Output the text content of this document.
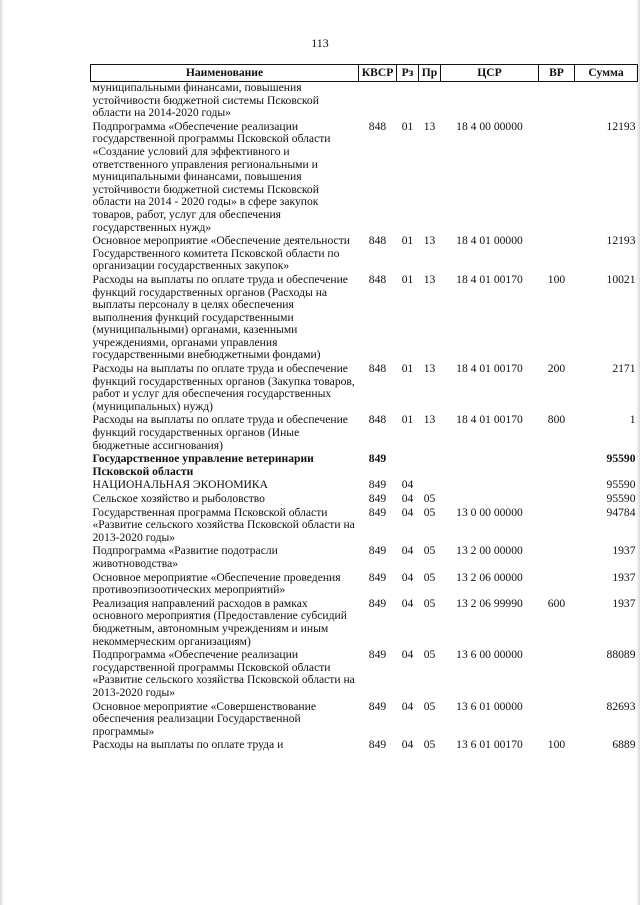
113
Наименование	КВСР	Рз	Пр	ЦСР	ВР	Сумма
муниципальными финансами, повышения устойчивости бюджетной системы Псковской области на 2014-2020 годы»						
Подпрограмма «Обеспечение реализации государственной программы Псковской области «Создание условий для эффективного и ответственного управления региональными и муниципальными финансами, повышения устойчивости бюджетной системы Псковской области на 2014 - 2020 годы» в сфере закупок товаров, работ, услуг для обеспечения государственных нужд»	848	01	13	18 4 00 00000		12193
Основное мероприятие «Обеспечение деятельности Государственного комитета Псковской области по организации государственных закупок»	848	01	13	18 4 01 00000		12193
Расходы на выплаты по оплате труда и обеспечение функций государственных органов (Расходы на выплаты персоналу в целях обеспечения выполнения функций государственными (муниципальными) органами, казенными учреждениями, органами управления государственными внебюджетными фондами)	848	01	13	18 4 01 00170	100	10021
Расходы на выплаты по оплате труда и обеспечение функций государственных органов (Закупка товаров, работ и услуг для обеспечения государственных (муниципальных) нужд)	848	01	13	18 4 01 00170	200	2171
Расходы на выплаты по оплате труда и обеспечение функций государственных органов (Иные бюджетные ассигнования)	848	01	13	18 4 01 00170	800	1
Государственное управление ветеринарии Псковской области	849					95590
НАЦИОНАЛЬНАЯ ЭКОНОМИКА	849	04				95590
Сельское хозяйство и рыболовство	849	04	05			95590
Государственная программа Псковской области «Развитие сельского хозяйства Псковской области на 2013-2020 годы»	849	04	05	13 0 00 00000		94784
Подпрограмма «Развитие подотрасли животноводства»	849	04	05	13 2 00 00000		1937
Основное мероприятие «Обеспечение проведения противоэпизоотических мероприятий»	849	04	05	13 2 06 00000		1937
Реализация направлений расходов в рамках основного мероприятия (Предоставление субсидий бюджетным, автономным учреждениям и иным некоммерческим организациям)	849	04	05	13 2 06 99990	600	1937
Подпрограмма «Обеспечение реализации государственной программы Псковской области «Развитие сельского хозяйства Псковской области на 2013-2020 годы»	849	04	05	13 6 00 00000		88089
Основное мероприятие «Совершенствование обеспечения реализации Государственной программы»	849	04	05	13 6 01 00000		82693
Расходы на выплаты по оплате труда и	849	04	05	13 6 01 00170	100	6889
